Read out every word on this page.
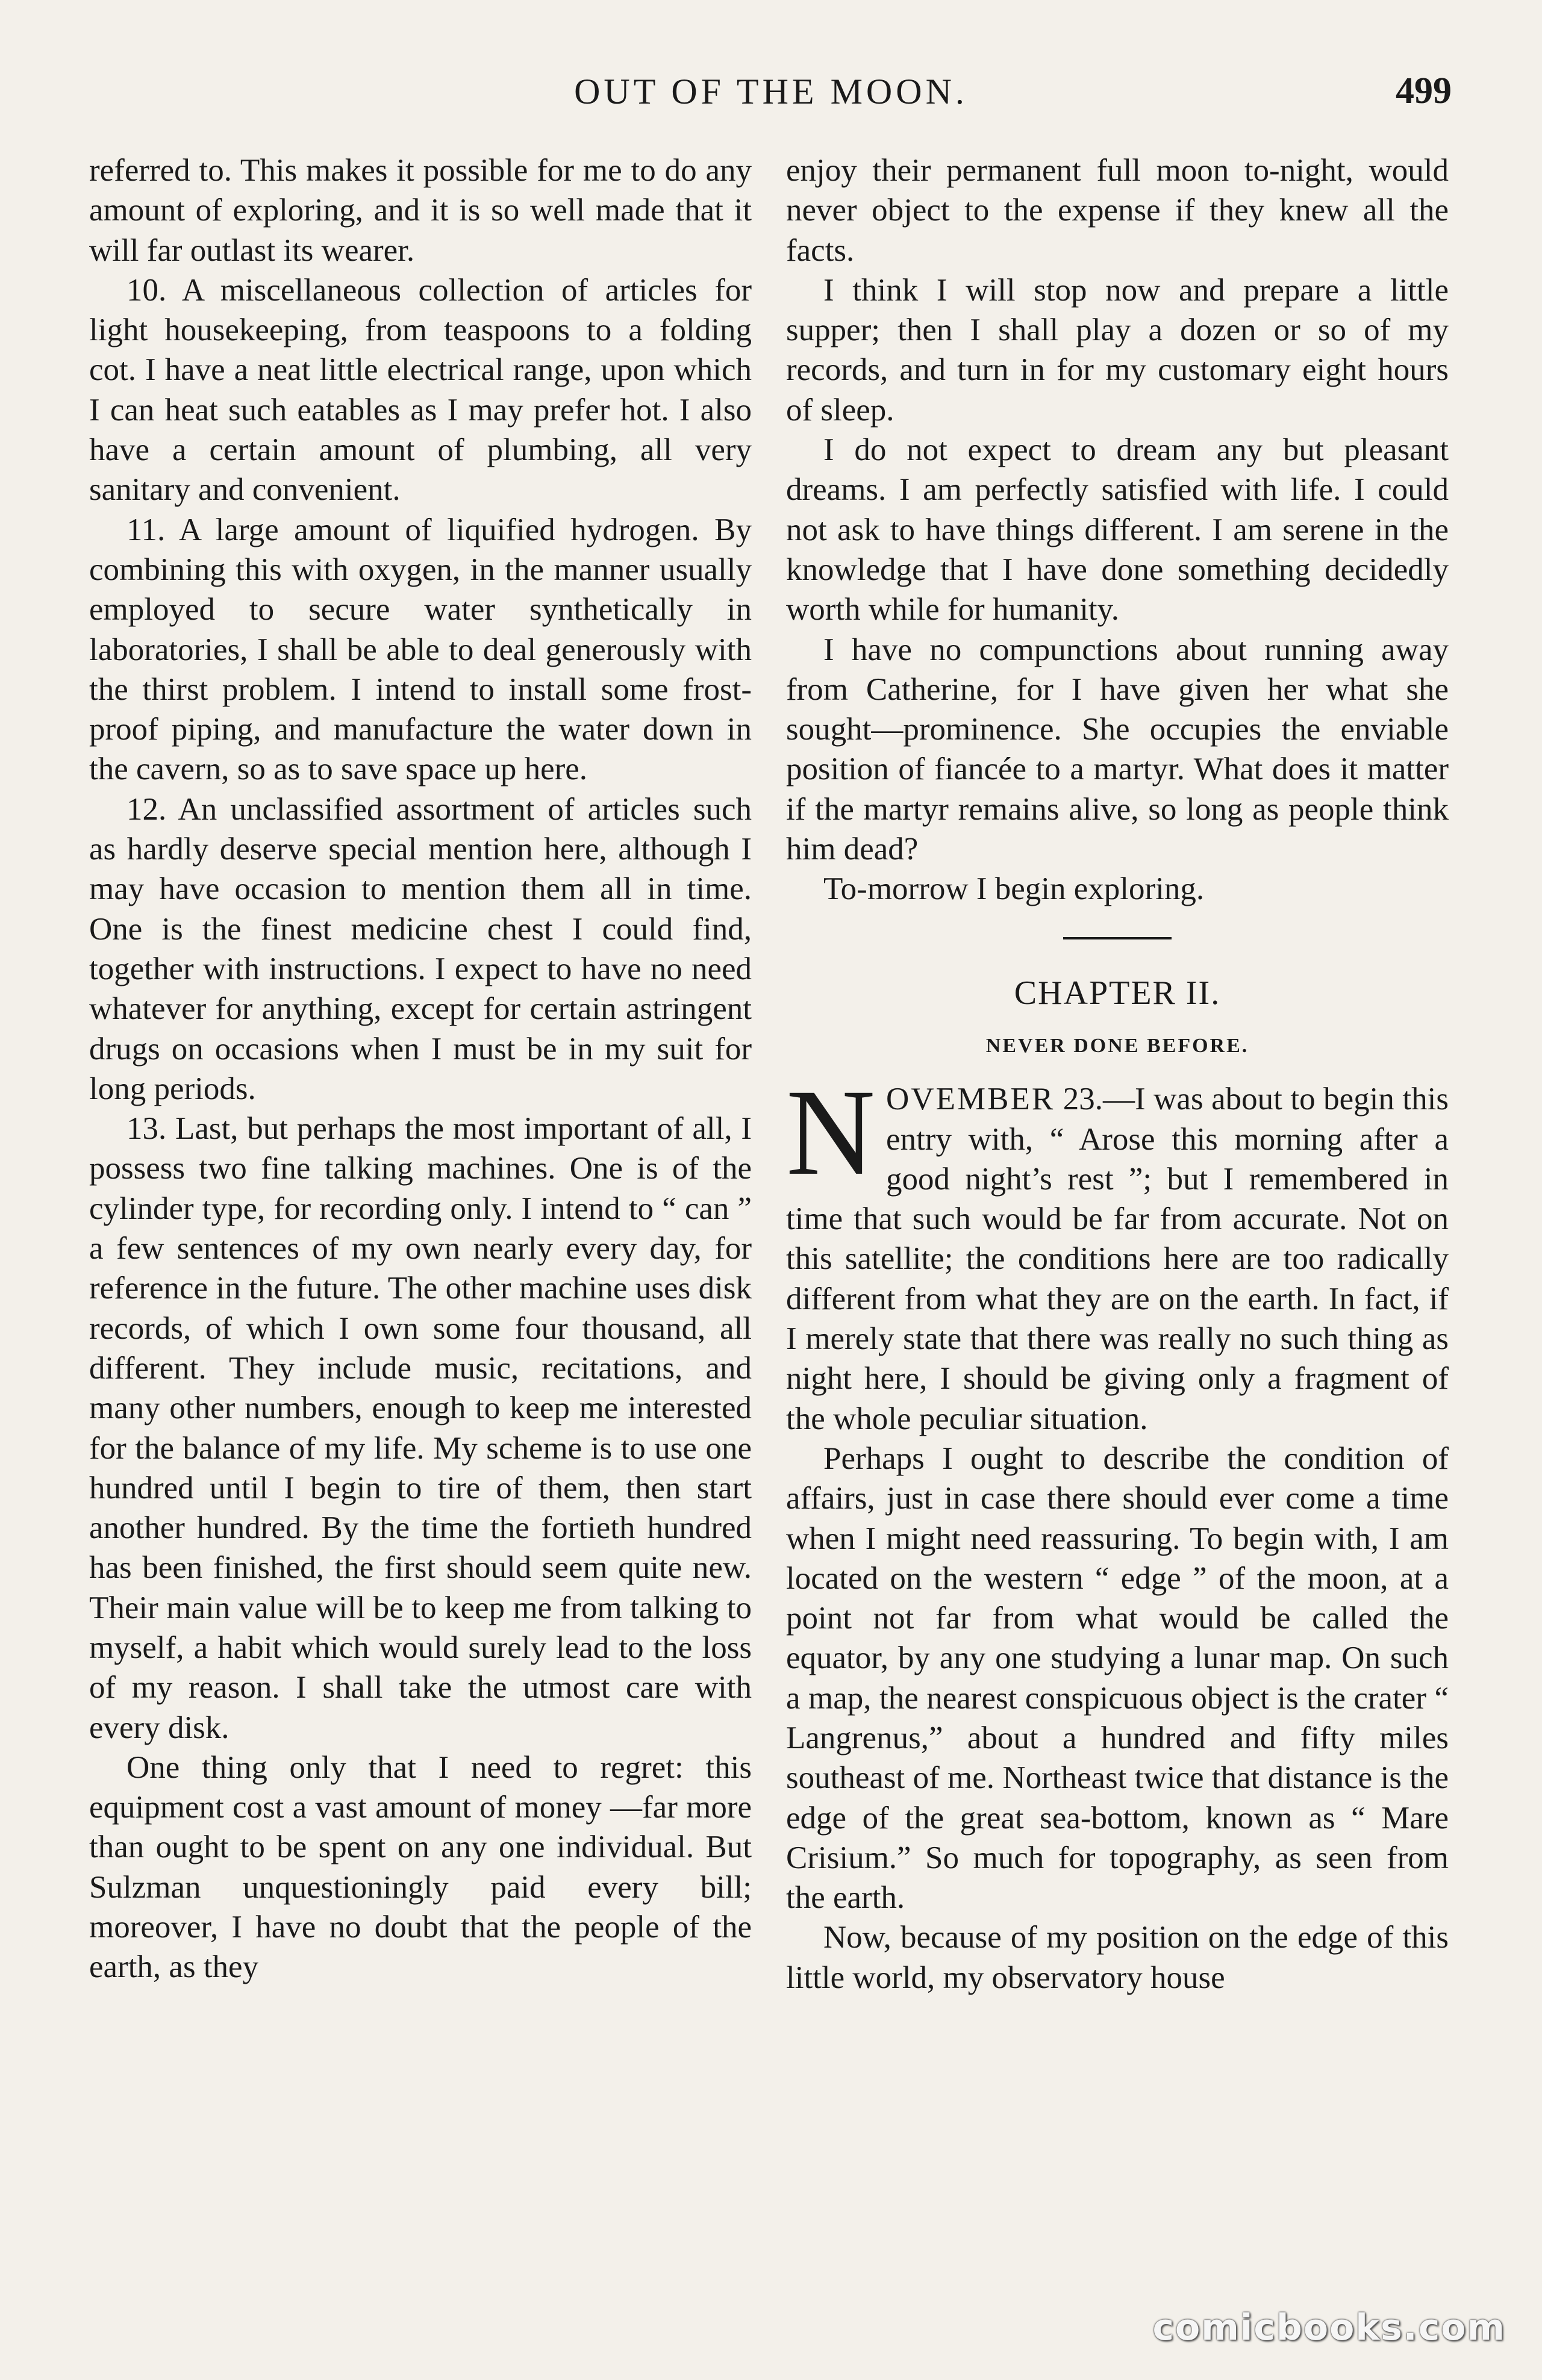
OUT OF THE MOON.	499

referred to. This makes it possible for me to do any amount of exploring, and it is so well made that it will far outlast its wearer.

10. A miscellaneous collection of articles for light housekeeping, from teaspoons to a folding cot. I have a neat little electrical range, upon which I can heat such eatables as I may prefer hot. I also have a certain amount of plumbing, all very sanitary and convenient.

11. A large amount of liquified hydrogen. By combining this with oxygen, in the manner usually employed to secure water synthetically in laboratories, I shall be able to deal generously with the thirst problem. I intend to install some frost-proof piping, and manufacture the water down in the cavern, so as to save space up here.

12. An unclassified assortment of articles such as hardly deserve special mention here, although I may have occasion to mention them all in time. One is the finest medicine chest I could find, together with instructions. I expect to have no need whatever for anything, except for certain astringent drugs on occasions when I must be in my suit for long periods.

13. Last, but perhaps the most important of all, I possess two fine talking machines. One is of the cylinder type, for recording only. I intend to “ can ” a few sentences of my own nearly every day, for reference in the future. The other machine uses disk records, of which I own some four thousand, all different. They include music, recitations, and many other numbers, enough to keep me interested for the balance of my life. My scheme is to use one hundred until I begin to tire of them, then start another hundred. By the time the fortieth hundred has been finished, the first should seem quite new. Their main value will be to keep me from talking to myself, a habit which would surely lead to the loss of my reason. I shall take the utmost care with every disk.

One thing only that I need to regret: this equipment cost a vast amount of money —far more than ought to be spent on any one individual. But Sulzman unquestioningly paid every bill; moreover, I have no doubt that the people of the earth, as they

enjoy their permanent full moon to-night, would never object to the expense if they knew all the facts.

I think I will stop now and prepare a little supper; then I shall play a dozen or so of my records, and turn in for my customary eight hours of sleep.

I do not expect to dream any but pleasant dreams. I am perfectly satisfied with life. I could not ask to have things different. I am serene in the knowledge that I have done something decidedly worth while for humanity.

I have no compunctions about running away from Catherine, for I have given her what she sought—prominence. She occupies the enviable position of fiancée to a martyr. What does it matter if the martyr remains alive, so long as people think him dead?

To-morrow I begin exploring.

CHAPTER II.
NEVER DONE BEFORE.

NOVEMBER 23.—I was about to begin this entry with, “ Arose this morning after a good night’s rest ”; but I remembered in time that such would be far from accurate. Not on this satellite; the conditions here are too radically different from what they are on the earth. In fact, if I merely state that there was really no such thing as night here, I should be giving only a fragment of the whole peculiar situation.

Perhaps I ought to describe the condition of affairs, just in case there should ever come a time when I might need reassuring. To begin with, I am located on the western “ edge ” of the moon, at a point not far from what would be called the equator, by any one studying a lunar map. On such a map, the nearest conspicuous object is the crater “ Langrenus,” about a hundred and fifty miles southeast of me. Northeast twice that distance is the edge of the great sea-bottom, known as “ Mare Crisium.” So much for topography, as seen from the earth.

Now, because of my position on the edge of this little world, my observatory house

comicbooks.com
